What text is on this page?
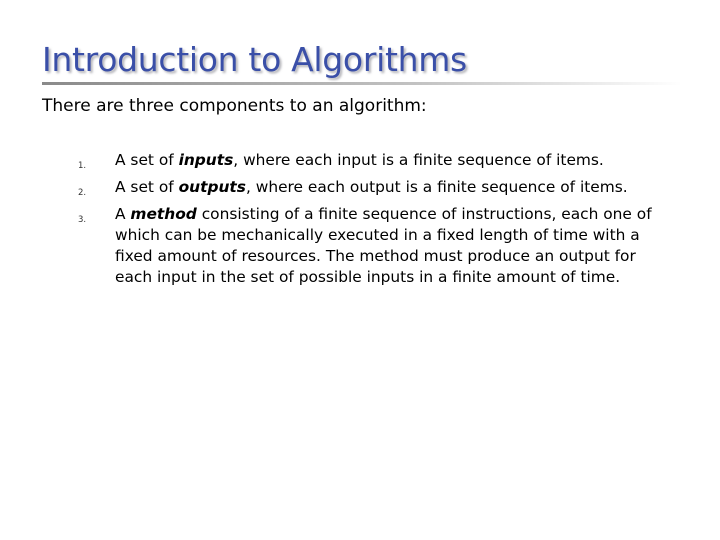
Introduction to Algorithms
There are three components to an algorithm:
1.	A set of inputs, where each input is a finite sequence of items.
2.	A set of outputs, where each output is a finite sequence of items.
3.	A method consisting of a finite sequence of instructions, each one of which can be mechanically executed in a fixed length of time with a fixed amount of resources. The method must produce an output for each input in the set of possible inputs in a finite amount of time.
